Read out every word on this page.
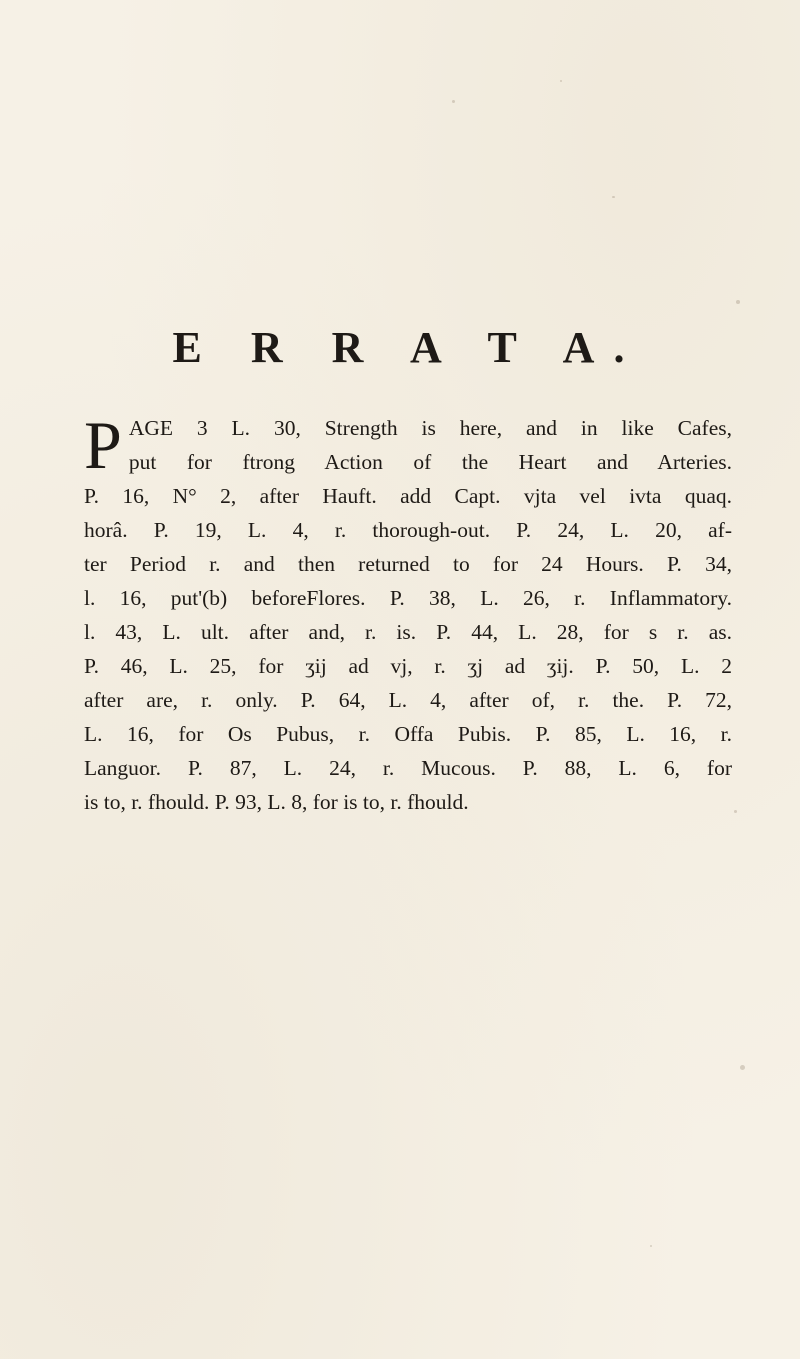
E R R A T A.
P AGE 3 L. 30, Strength is here, and in like Cafes,
put for ftrong Action of the Heart and Arteries.
P. 16, N° 2, after Hauft. add Capt. vjta vel ivta quaq.
horâ. P. 19, L. 4, r. thorough-out. P. 24, L. 20, af-
ter Period r. and then returned to for 24 Hours. P. 34,
l. 16, put'(b) beforeFlores. P. 38, L. 26, r. Inflammatory.
l. 43, L. ult. after and, r. is. P. 44, L. 28, for s r. as.
P. 46, L. 25, for ʒij ad vj, r. ʒj ad ʒij. P. 50, L. 2
after are, r. only. P. 64, L. 4, after of, r. the. P. 72,
L. 16, for Os Pubus, r. Offa Pubis. P. 85, L. 16, r.
Languor. P. 87, L. 24, r. Mucous. P. 88, L. 6, for
is to, r. fhould. P. 93, L. 8, for is to, r. fhould.
